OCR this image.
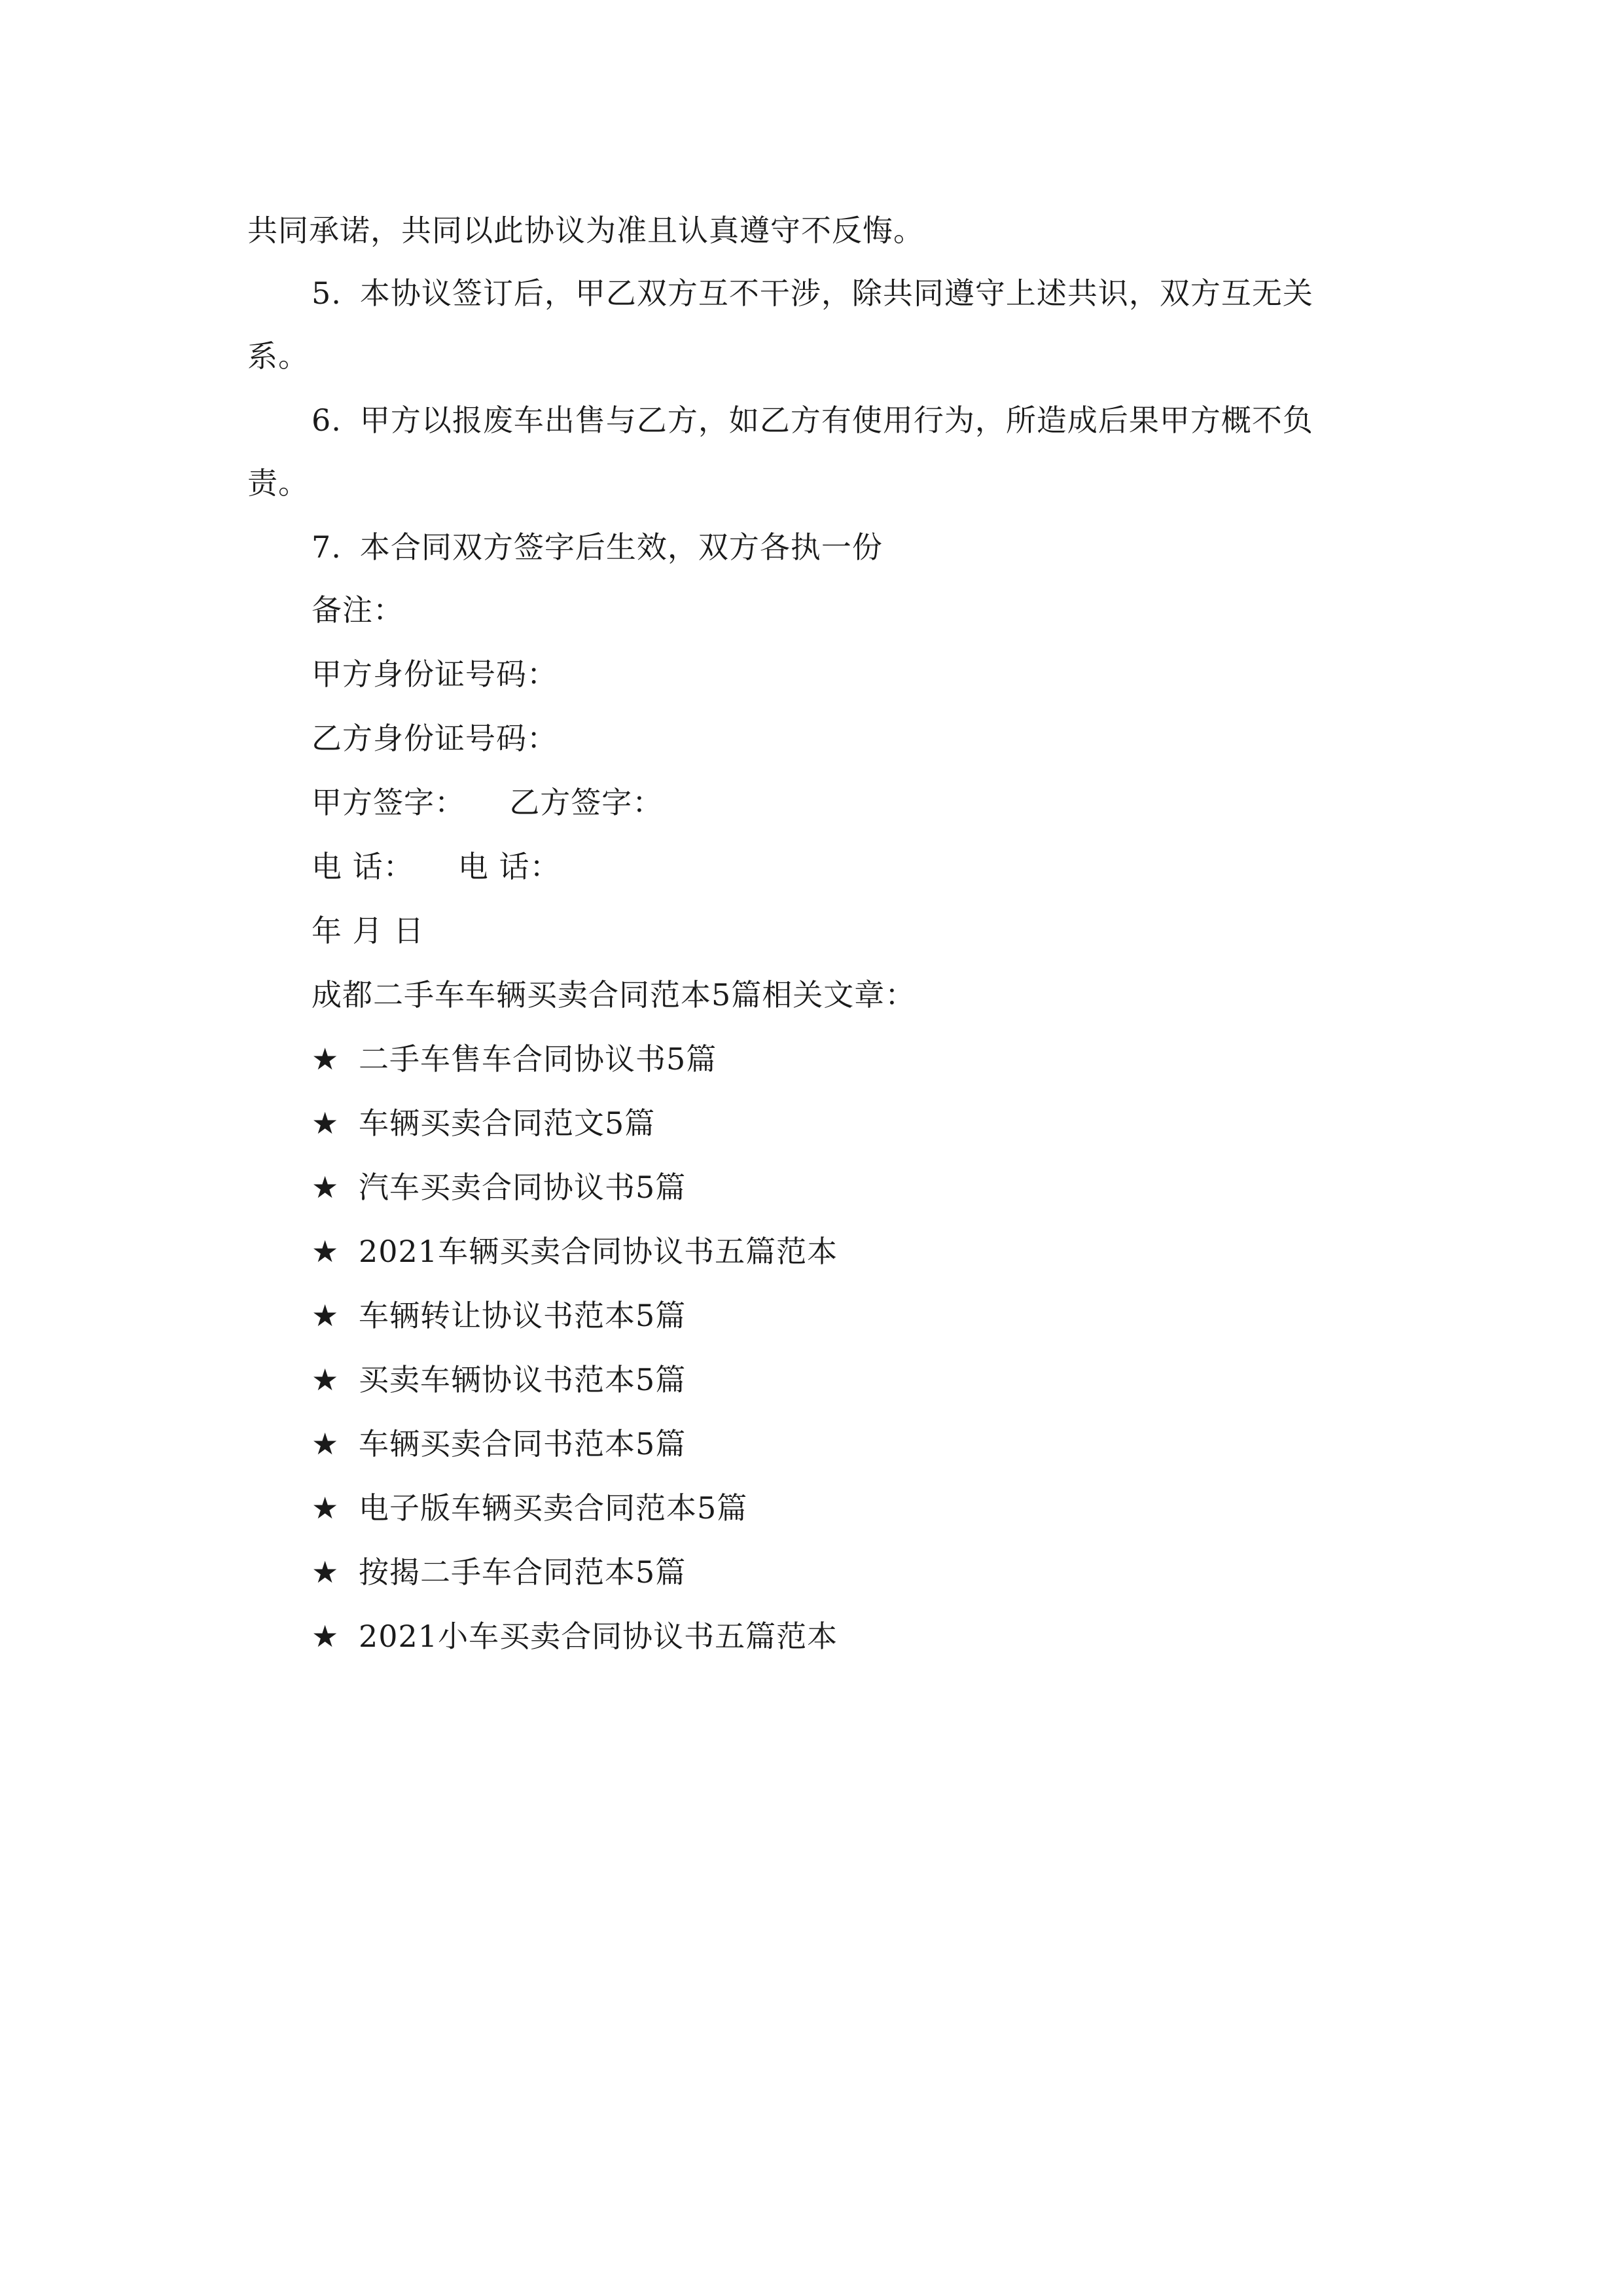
共同承诺，共同以此协议为准且认真遵守不反悔。
5. 本协议签订后，甲乙双方互不干涉，除共同遵守上述共识，双方互无关
系。
6. 甲方以报废车出售与乙方，如乙方有使用行为，所造成后果甲方概不负
责。
7. 本合同双方签字后生效，双方各执一份
备注：
甲方身份证号码：
乙方身份证号码：
甲方签字： 乙方签字：
电 话： 电 话：
年 月 日
成都二手车车辆买卖合同范本5篇相关文章：
★ 二手车售车合同协议书5篇
★ 车辆买卖合同范文5篇
★ 汽车买卖合同协议书5篇
★ 2021车辆买卖合同协议书五篇范本
★ 车辆转让协议书范本5篇
★ 买卖车辆协议书范本5篇
★ 车辆买卖合同书范本5篇
★ 电子版车辆买卖合同范本5篇
★ 按揭二手车合同范本5篇
★ 2021小车买卖合同协议书五篇范本
